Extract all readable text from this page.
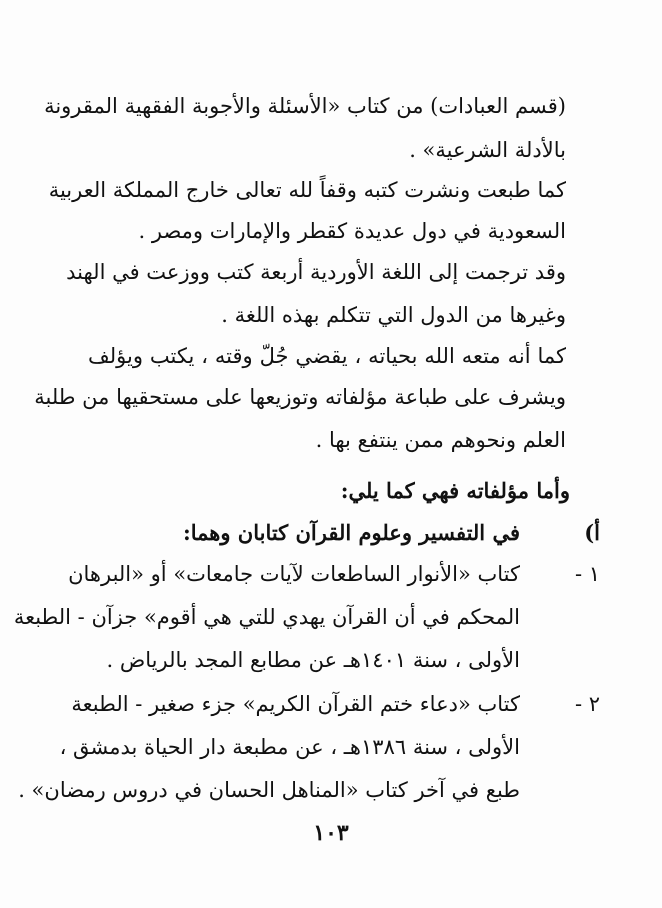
(قسم العبادات) من كتاب «الأسئلة والأجوبة الفقهية المقرونة
بالأدلة الشرعية» .
كما طبعت ونشرت كتبه وقفاً لله تعالى خارج المملكة العربية
السعودية في دول عديدة كقطر والإمارات ومصر .
وقد ترجمت إلى اللغة الأوردية أربعة كتب ووزعت في الهند
وغيرها من الدول التي تتكلم بهذه اللغة .
كما أنه متعه الله بحياته ، يقضي جُلّ وقته ، يكتب ويؤلف
ويشرف على طباعة مؤلفاته وتوزيعها على مستحقيها من طلبة
العلم ونحوهم ممن ينتفع بها .
وأما مؤلفاته فهي كما يلي:
أ)
في التفسير وعلوم القرآن كتابان وهما:
١ -
كتاب «الأنوار الساطعات لآيات جامعات» أو «البرهان
المحكم في أن القرآن يهدي للتي هي أقوم» جزآن - الطبعة
الأولى ، سنة ١٤٠١هـ عن مطابع المجد بالرياض .
٢ -
كتاب «دعاء ختم القرآن الكريم» جزء صغير - الطبعة
الأولى ، سنة ١٣٨٦هـ ، عن مطبعة دار الحياة بدمشق ،
طبع في آخر كتاب «المناهل الحسان في دروس رمضان» .
١٠٣
